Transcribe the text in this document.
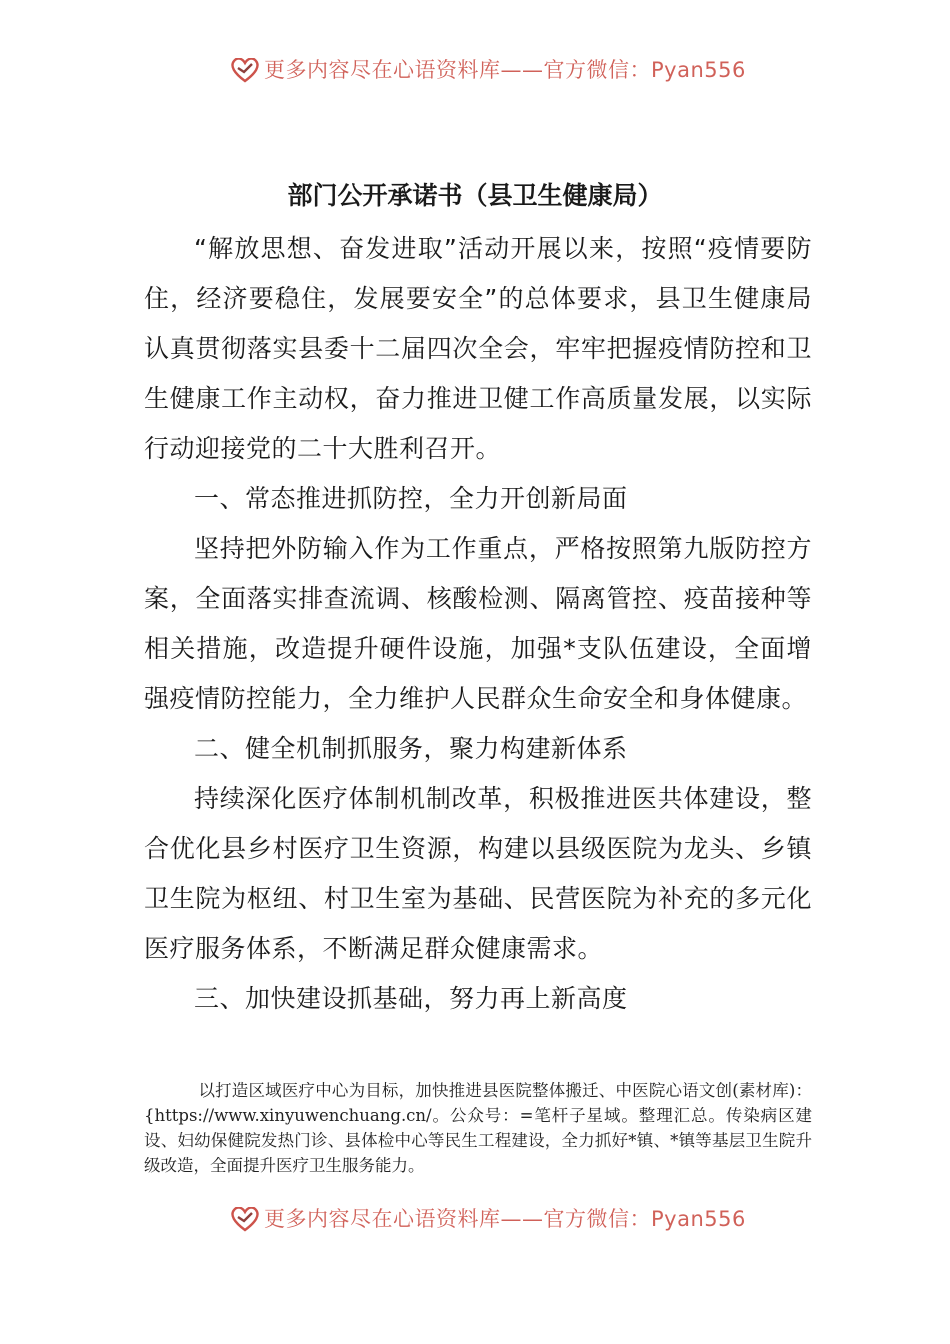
更多内容尽在心语资料库——官方微信：Pyan556
部门公开承诺书（县卫生健康局）

“解放思想、奋发进取”活动开展以来，按照“疫情要防住，经济要稳住，发展要安全”的总体要求，县卫生健康局认真贯彻落实县委十二届四次全会，牢牢把握疫情防控和卫生健康工作主动权，奋力推进卫健工作高质量发展，以实际行动迎接党的二十大胜利召开。

一、常态推进抓防控，全力开创新局面

坚持把外防输入作为工作重点，严格按照第九版防控方案，全面落实排查流调、核酸检测、隔离管控、疫苗接种等相关措施，改造提升硬件设施，加强*支队伍建设，全面增强疫情防控能力，全力维护人民群众生命安全和身体健康。

二、健全机制抓服务，聚力构建新体系

持续深化医疗体制机制改革，积极推进医共体建设，整合优化县乡村医疗卫生资源，构建以县级医院为龙头、乡镇卫生院为枢纽、村卫生室为基础、民营医院为补充的多元化医疗服务体系，不断满足群众健康需求。

三、加快建设抓基础，努力再上新高度

以打造区域医疗中心为目标，加快推进县医院整体搬迁、中医院心语文创(素材库)：{https://www.xinyuwenchuang.cn/。公众号：=笔杆子星域。整理汇总。传染病区建设、妇幼保健院发热门诊、县体检中心等民生工程建设，全力抓好*镇、*镇等基层卫生院升级改造，全面提升医疗卫生服务能力。

更多内容尽在心语资料库——官方微信：Pyan556
